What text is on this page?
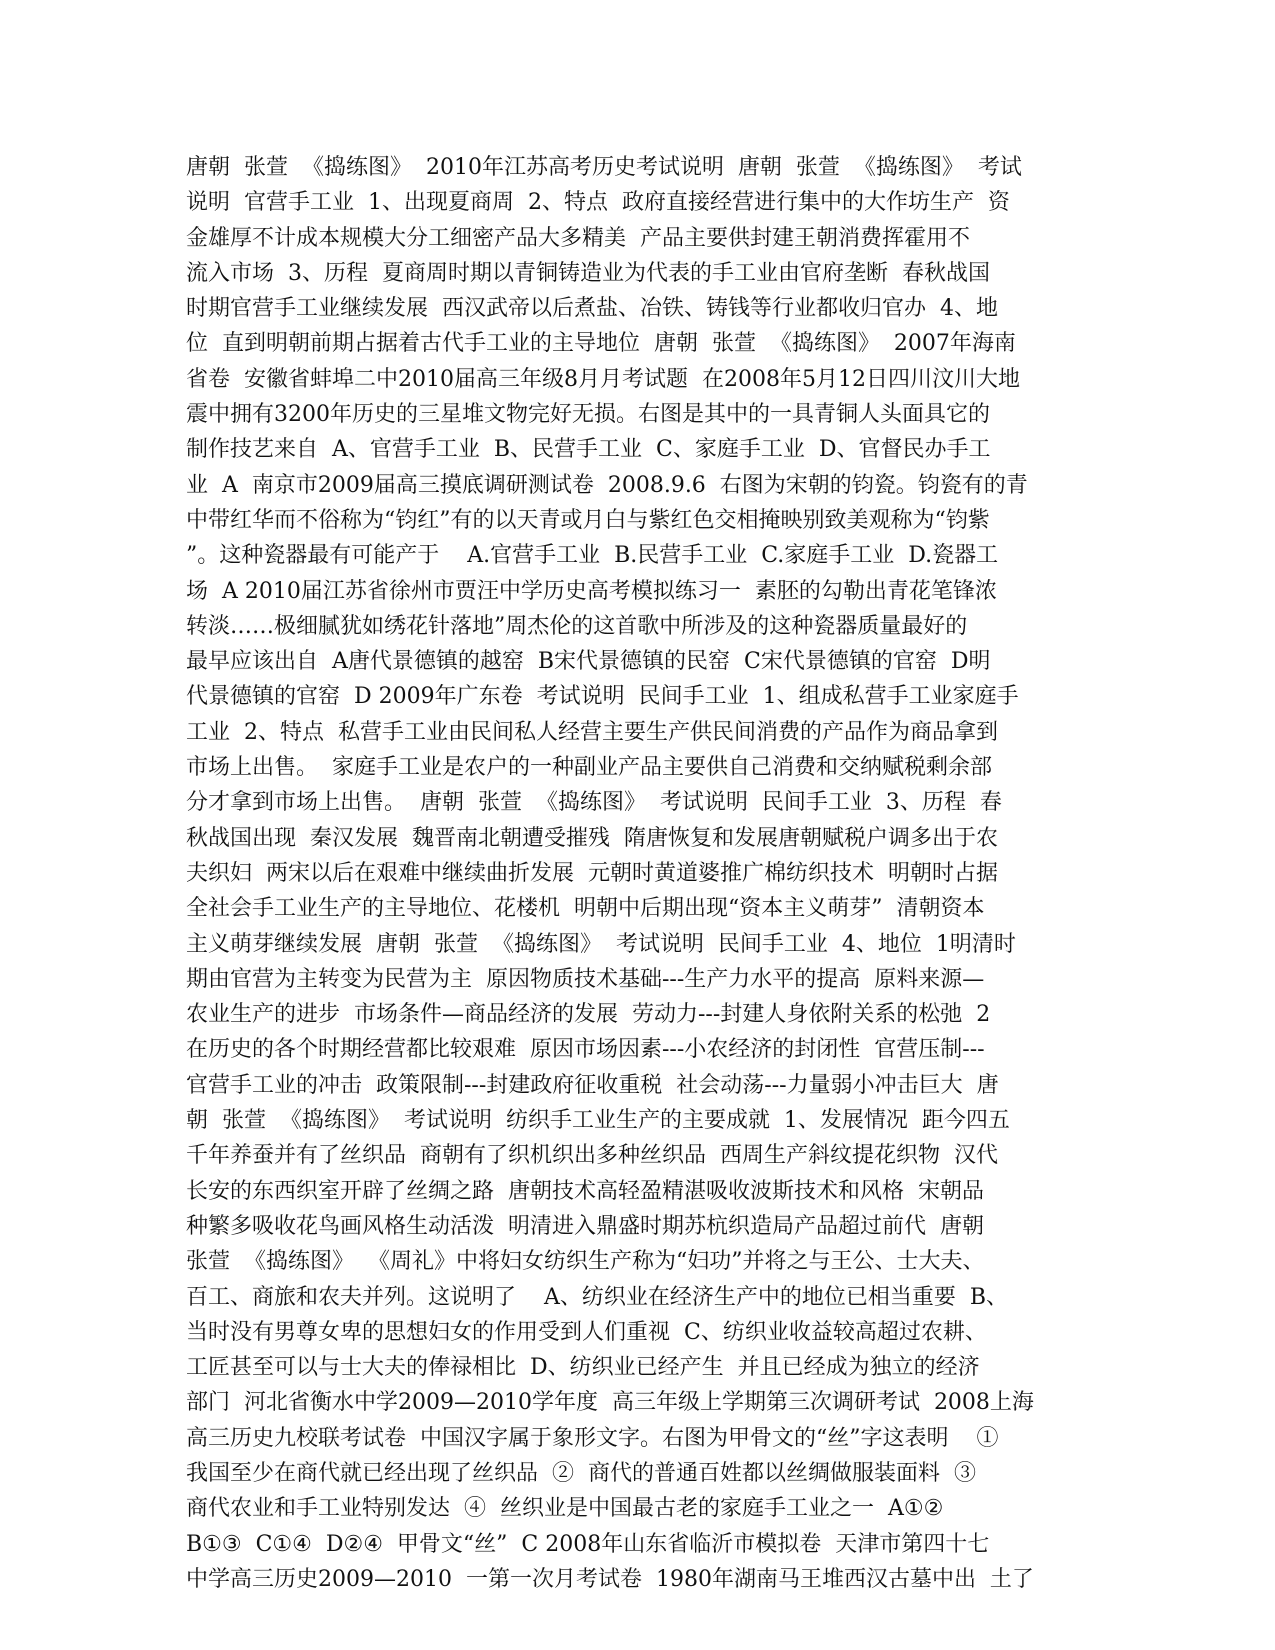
唐朝  张萱  《捣练图》  2010年江苏高考历史考试说明  唐朝  张萱  《捣练图》  考试
说明  官营手工业  1、出现夏商周  2、特点  政府直接经营进行集中的大作坊生产  资
金雄厚不计成本规模大分工细密产品大多精美  产品主要供封建王朝消费挥霍用不
流入市场  3、历程  夏商周时期以青铜铸造业为代表的手工业由官府垄断  春秋战国
时期官营手工业继续发展  西汉武帝以后煮盐、冶铁、铸钱等行业都收归官办  4、地
位  直到明朝前期占据着古代手工业的主导地位  唐朝  张萱  《捣练图》  2007年海南
省卷  安徽省蚌埠二中2010届高三年级8月月考试题  在2008年5月12日四川汶川大地
震中拥有3200年历史的三星堆文物完好无损。右图是其中的一具青铜人头面具它的
制作技艺来自  A、官营手工业  B、民营手工业  C、家庭手工业  D、官督民办手工
业  A  南京市2009届高三摸底调研测试卷  2008.9.6  右图为宋朝的钧瓷。钧瓷有的青
中带红华而不俗称为“钧红”有的以天青或月白与紫红色交相掩映别致美观称为“钧紫
”。这种瓷器最有可能产于    A.官营手工业  B.民营手工业  C.家庭手工业  D.瓷器工
场  A 2010届江苏省徐州市贾汪中学历史高考模拟练习一  素胚的勾勒出青花笔锋浓
转淡……极细腻犹如绣花针落地”周杰伦的这首歌中所涉及的这种瓷器质量最好的
最早应该出自  A唐代景德镇的越窑  B宋代景德镇的民窑  C宋代景德镇的官窑  D明
代景德镇的官窑  D 2009年广东卷  考试说明  民间手工业  1、组成私营手工业家庭手
工业  2、特点  私营手工业由民间私人经营主要生产供民间消费的产品作为商品拿到
市场上出售。  家庭手工业是农户的一种副业产品主要供自己消费和交纳赋税剩余部
分才拿到市场上出售。  唐朝  张萱  《捣练图》  考试说明  民间手工业  3、历程  春
秋战国出现  秦汉发展  魏晋南北朝遭受摧残  隋唐恢复和发展唐朝赋税户调多出于农
夫织妇  两宋以后在艰难中继续曲折发展  元朝时黄道婆推广棉纺织技术  明朝时占据
全社会手工业生产的主导地位、花楼机  明朝中后期出现“资本主义萌芽”  清朝资本
主义萌芽继续发展  唐朝  张萱  《捣练图》  考试说明  民间手工业  4、地位  1明清时
期由官营为主转变为民营为主  原因物质技术基础---生产力水平的提高  原料来源—
农业生产的进步  市场条件—商品经济的发展  劳动力---封建人身依附关系的松弛  2
在历史的各个时期经营都比较艰难  原因市场因素---小农经济的封闭性  官营压制---
官营手工业的冲击  政策限制---封建政府征收重税  社会动荡---力量弱小冲击巨大  唐
朝  张萱  《捣练图》  考试说明  纺织手工业生产的主要成就  1、发展情况  距今四五
千年养蚕并有了丝织品  商朝有了织机织出多种丝织品  西周生产斜纹提花织物  汉代
长安的东西织室开辟了丝绸之路  唐朝技术高轻盈精湛吸收波斯技术和风格  宋朝品
种繁多吸收花鸟画风格生动活泼  明清进入鼎盛时期苏杭织造局产品超过前代  唐朝
张萱  《捣练图》  《周礼》中将妇女纺织生产称为“妇功”并将之与王公、士大夫、
百工、商旅和农夫并列。这说明了    A、纺织业在经济生产中的地位已相当重要  B、
当时没有男尊女卑的思想妇女的作用受到人们重视  C、纺织业收益较高超过农耕、
工匠甚至可以与士大夫的俸禄相比  D、纺织业已经产生  并且已经成为独立的经济
部门  河北省衡水中学2009—2010学年度  高三年级上学期第三次调研考试  2008上海
高三历史九校联考试卷  中国汉字属于象形文字。右图为甲骨文的“丝”字这表明    ①
我国至少在商代就已经出现了丝织品  ②  商代的普通百姓都以丝绸做服装面料  ③
商代农业和手工业特别发达  ④  丝织业是中国最古老的家庭手工业之一  A①②
B①③  C①④  D②④  甲骨文“丝”  C 2008年山东省临沂市模拟卷  天津市第四十七
中学高三历史2009—2010  一第一次月考试卷  1980年湖南马王堆西汉古墓中出  土了
